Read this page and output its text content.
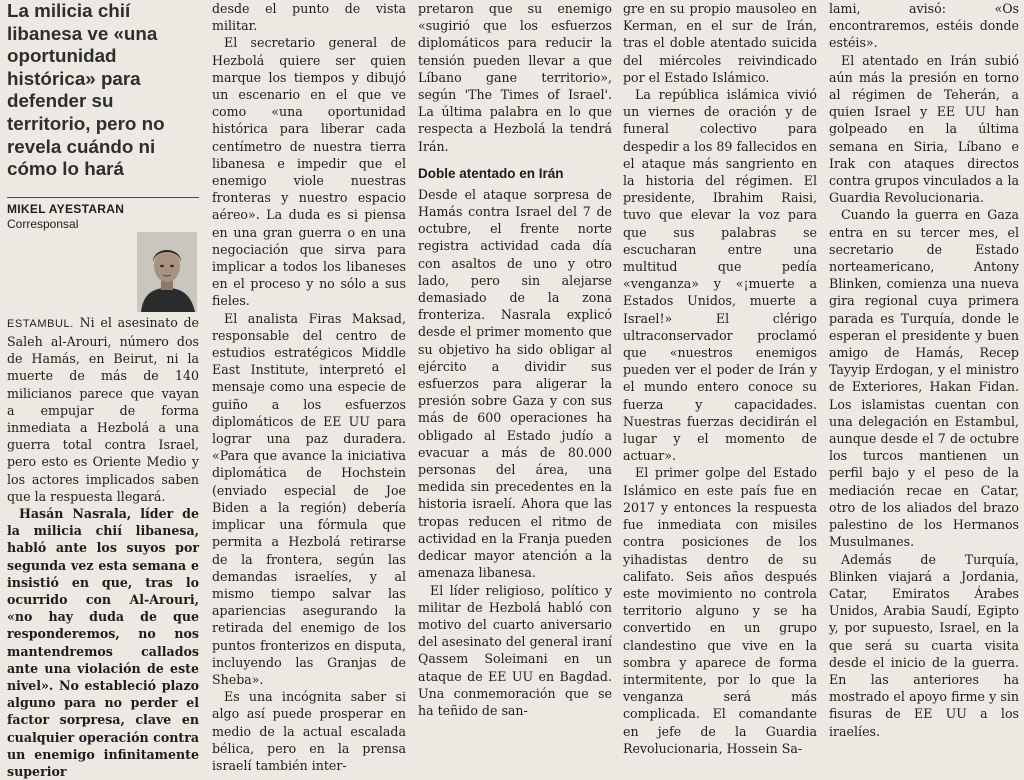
La milicia chií libanesa ve «una oportunidad histórica» para defender su territorio, pero no revela cuándo ni cómo lo hará
MIKEL AYESTARAN
Corresponsal

ESTAMBUL. Ni el asesinato de Saleh al-Arouri, número dos de Hamás, en Beirut, ni la muerte de más de 140 milicianos parece que vayan a empujar de forma inmediata a Hezbolá a una guerra total contra Israel, pero esto es Oriente Medio y los actores implicados saben que la respuesta llegará.

Hasán Nasrala, líder de la milicia chií libanesa, habló ante los suyos por segunda vez esta semana e insistió en que, tras lo ocurrido con Al-Arouri, «no hay duda de que responderemos, no nos mantendremos callados ante una violación de este nivel». No estableció plazo alguno para no perder el factor sorpresa, clave en cualquier operación contra un enemigo infinitamente superior

desde el punto de vista militar.

El secretario general de Hezbolá quiere ser quien marque los tiempos y dibujó un escenario en el que ve como «una oportunidad histórica para liberar cada centímetro de nuestra tierra libanesa e impedir que el enemigo viole nuestras fronteras y nuestro espacio aéreo». La duda es si piensa en una gran guerra o en una negociación que sirva para implicar a todos los libaneses en el proceso y no sólo a sus fieles.

El analista Firas Maksad, responsable del centro de estudios estratégicos Middle East Institute, interpretó el mensaje como una especie de guiño a los esfuerzos diplomáticos de EE UU para lograr una paz duradera. «Para que avance la iniciativa diplomática de Hochstein (enviado especial de Joe Biden a la región) debería implicar una fórmula que permita a Hezbolá retirarse de la frontera, según las demandas israelíes, y al mismo tiempo salvar las apariencias asegurando la retirada del enemigo de los puntos fronterizos en disputa, incluyendo las Granjas de Sheba».

Es una incógnita saber si algo así puede prosperar en medio de la actual escalada bélica, pero en la prensa israelí también inter-

pretaron que su enemigo «sugirió que los esfuerzos diplomáticos para reducir la tensión pueden llevar a que Líbano gane territorio», según 'The Times of Israel'. La última palabra en lo que respecta a Hezbolá la tendrá Irán.

Doble atentado en Irán

Desde el ataque sorpresa de Hamás contra Israel del 7 de octubre, el frente norte registra actividad cada día con asaltos de uno y otro lado, pero sin alejarse demasiado de la zona fronteriza. Nasrala explicó desde el primer momento que su objetivo ha sido obligar al ejército a dividir sus esfuerzos para aligerar la presión sobre Gaza y con sus más de 600 operaciones ha obligado al Estado judío a evacuar a más de 80.000 personas del área, una medida sin precedentes en la historia israelí. Ahora que las tropas reducen el ritmo de actividad en la Franja pueden dedicar mayor atención a la amenaza libanesa.

El líder religioso, político y militar de Hezbolá habló con motivo del cuarto aniversario del asesinato del general iraní Qassem Soleimani en un ataque de EE UU en Bagdad. Una conmemoración que se ha teñido de san-

gre en su propio mausoleo en Kerman, en el sur de Irán, tras el doble atentado suicida del miércoles reivindicado por el Estado Islámico.

La república islámica vivió un viernes de oración y de funeral colectivo para despedir a los 89 fallecidos en el ataque más sangriento en la historia del régimen. El presidente, Ibrahim Raisi, tuvo que elevar la voz para que sus palabras se escucharan entre una multitud que pedía «venganza» y «¡muerte a Estados Unidos, muerte a Israel!» El clérigo ultraconservador proclamó que «nuestros enemigos pueden ver el poder de Irán y el mundo entero conoce su fuerza y capacidades. Nuestras fuerzas decidirán el lugar y el momento de actuar».

El primer golpe del Estado Islámico en este país fue en 2017 y entonces la respuesta fue inmediata con misiles contra posiciones de los yihadistas dentro de su califato. Seis años después este movimiento no controla territorio alguno y se ha convertido en un grupo clandestino que vive en la sombra y aparece de forma intermitente, por lo que la venganza será más complicada. El comandante en jefe de la Guardia Revolucionaria, Hossein Sa-

lami, avisó: «Os encontraremos, estéis donde estéis».

El atentado en Irán subió aún más la presión en torno al régimen de Teherán, a quien Israel y EE UU han golpeado en la última semana en Siria, Líbano e Irak con ataques directos contra grupos vinculados a la Guardia Revolucionaria.

Cuando la guerra en Gaza entra en su tercer mes, el secretario de Estado norteamericano, Antony Blinken, comienza una nueva gira regional cuya primera parada es Turquía, donde le esperan el presidente y buen amigo de Hamás, Recep Tayyip Erdogan, y el ministro de Exteriores, Hakan Fidan. Los islamistas cuentan con una delegación en Estambul, aunque desde el 7 de octubre los turcos mantienen un perfil bajo y el peso de la mediación recae en Catar, otro de los aliados del brazo palestino de los Hermanos Musulmanes.

Además de Turquía, Blinken viajará a Jordania, Catar, Emiratos Árabes Unidos, Arabia Saudí, Egipto y, por supuesto, Israel, en la que será su cuarta visita desde el inicio de la guerra. En las anteriores ha mostrado el apoyo firme y sin fisuras de EE UU a los iraelíes.
